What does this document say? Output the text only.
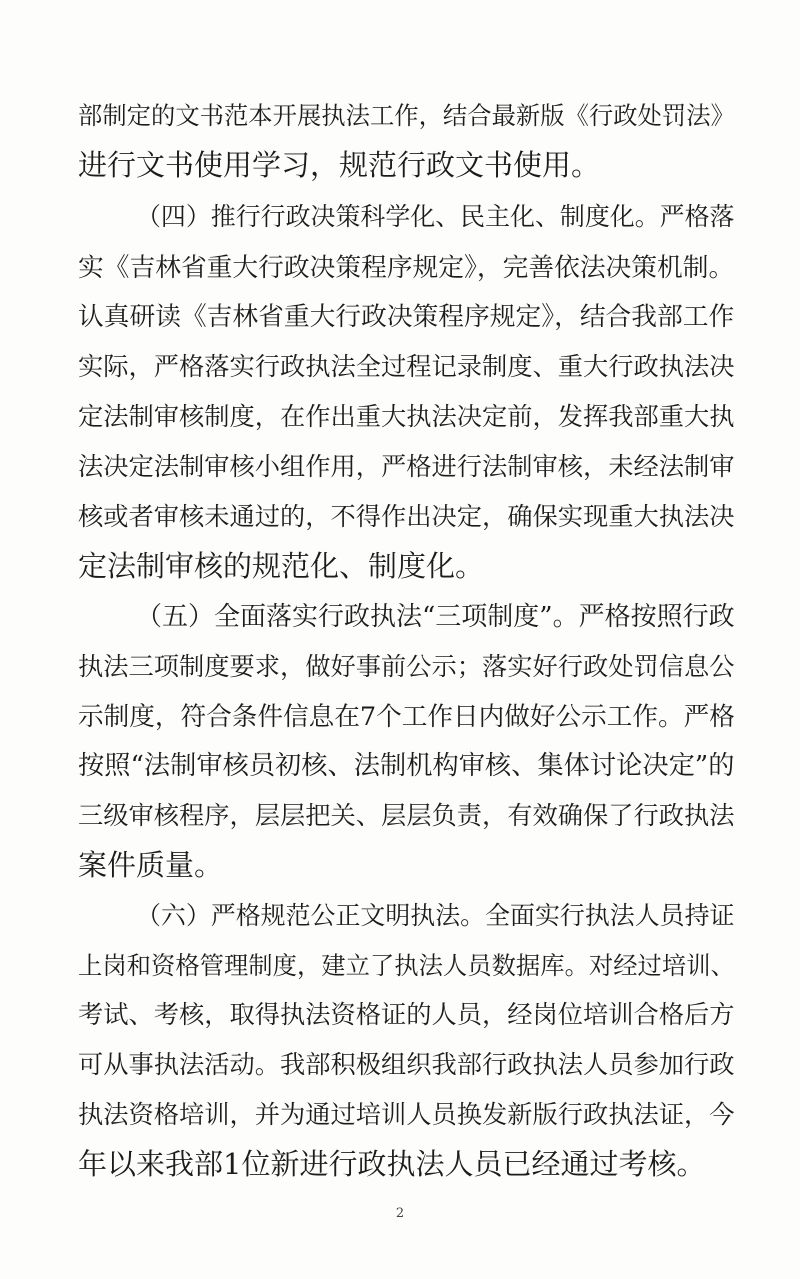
部制定的文书范本开展执法工作，结合最新版《行政处罚法》
进行文书使用学习，规范行政文书使用。
（四）推行行政决策科学化、民主化、制度化。严格落
实《吉林省重大行政决策程序规定》，完善依法决策机制。
认真研读《吉林省重大行政决策程序规定》，结合我部工作
实际，严格落实行政执法全过程记录制度、重大行政执法决
定法制审核制度，在作出重大执法决定前，发挥我部重大执
法决定法制审核小组作用，严格进行法制审核，未经法制审
核或者审核未通过的，不得作出决定，确保实现重大执法决
定法制审核的规范化、制度化。
（五）全面落实行政执法“三项制度”。严格按照行政
执法三项制度要求，做好事前公示；落实好行政处罚信息公
示制度，符合条件信息在7个工作日内做好公示工作。严格
按照“法制审核员初核、法制机构审核、集体讨论决定”的
三级审核程序，层层把关、层层负责，有效确保了行政执法
案件质量。
（六）严格规范公正文明执法。全面实行执法人员持证
上岗和资格管理制度，建立了执法人员数据库。对经过培训、
考试、考核，取得执法资格证的人员，经岗位培训合格后方
可从事执法活动。我部积极组织我部行政执法人员参加行政
执法资格培训，并为通过培训人员换发新版行政执法证，今
年以来我部1位新进行政执法人员已经通过考核。
2
